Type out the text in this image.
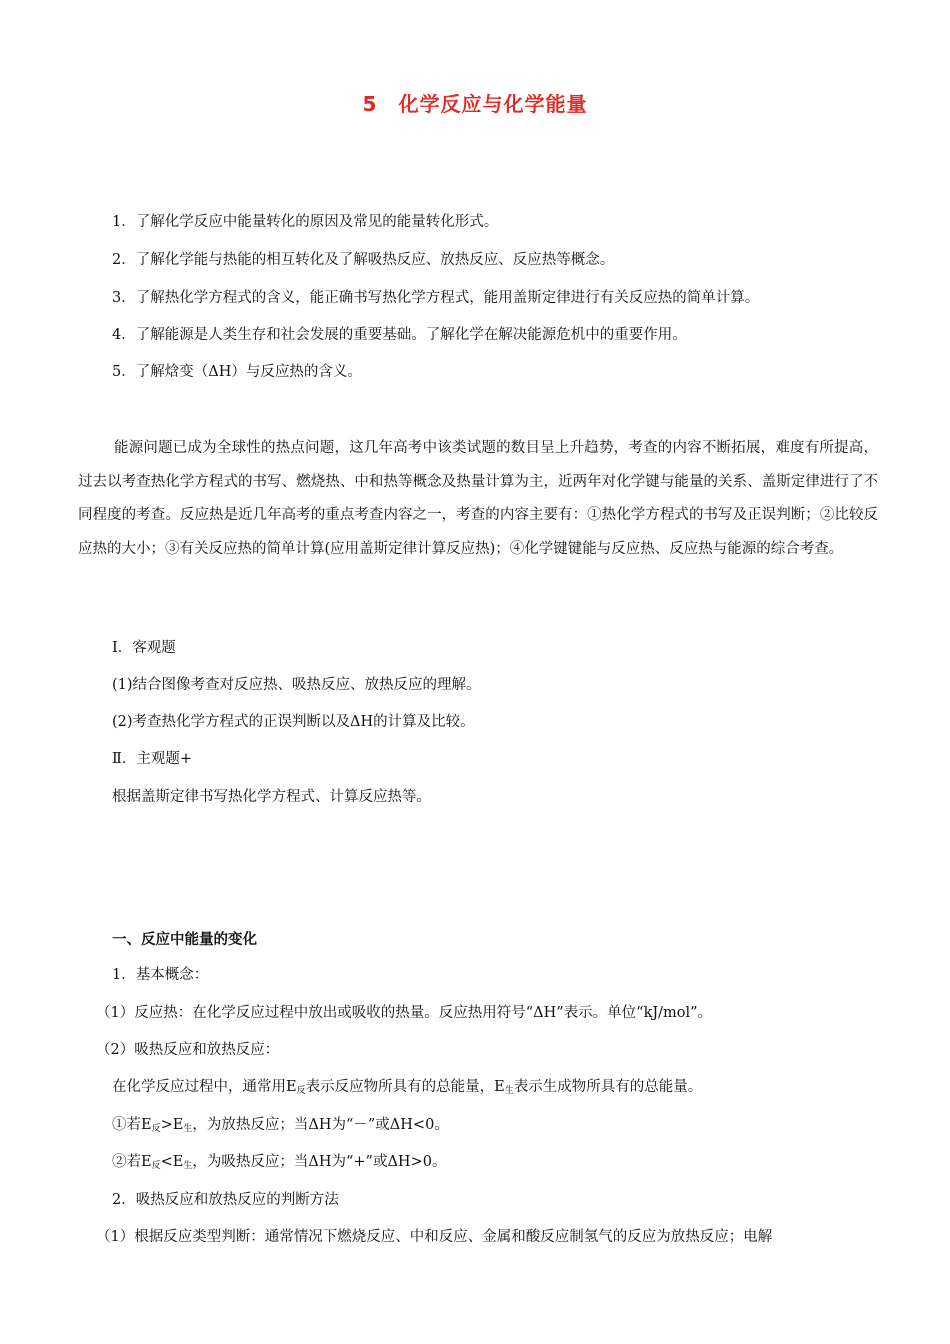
5　化学反应与化学能量
1．了解化学反应中能量转化的原因及常见的能量转化形式。
2．了解化学能与热能的相互转化及了解吸热反应、放热反应、反应热等概念。
3．了解热化学方程式的含义，能正确书写热化学方程式，能用盖斯定律进行有关反应热的简单计算。
4．了解能源是人类生存和社会发展的重要基础。了解化学在解决能源危机中的重要作用。
5．了解焓变（ΔH）与反应热的含义。
能源问题已成为全球性的热点问题，这几年高考中该类试题的数目呈上升趋势，考查的内容不断拓展，难度有所提高，过去以考查热化学方程式的书写、燃烧热、中和热等概念及热量计算为主，近两年对化学键与能量的关系、盖斯定律进行了不同程度的考查。反应热是近几年高考的重点考查内容之一，考查的内容主要有：①热化学方程式的书写及正误判断；②比较反应热的大小；③有关反应热的简单计算(应用盖斯定律计算反应热)；④化学键键能与反应热、反应热与能源的综合考查。
Ⅰ．客观题
(1)结合图像考查对反应热、吸热反应、放热反应的理解。
(2)考查热化学方程式的正误判断以及ΔH的计算及比较。
Ⅱ．主观题+
根据盖斯定律书写热化学方程式、计算反应热等。
一、反应中能量的变化
1．基本概念：
（1）反应热：在化学反应过程中放出或吸收的热量。反应热用符号“ΔH”表示。单位“kJ/mol”。
（2）吸热反应和放热反应：
在化学反应过程中，通常用$E_反$表示反应物所具有的总能量，$E_生$表示生成物所具有的总能量。
①若$E_反>E_生$，为放热反应；当ΔH为“－”或ΔH<0。
②若$E_反<E_生$，为吸热反应；当ΔH为“+”或ΔH>0。
2．吸热反应和放热反应的判断方法
（1）根据反应类型判断：通常情况下燃烧反应、中和反应、金属和酸反应制氢气的反应为放热反应；电解
